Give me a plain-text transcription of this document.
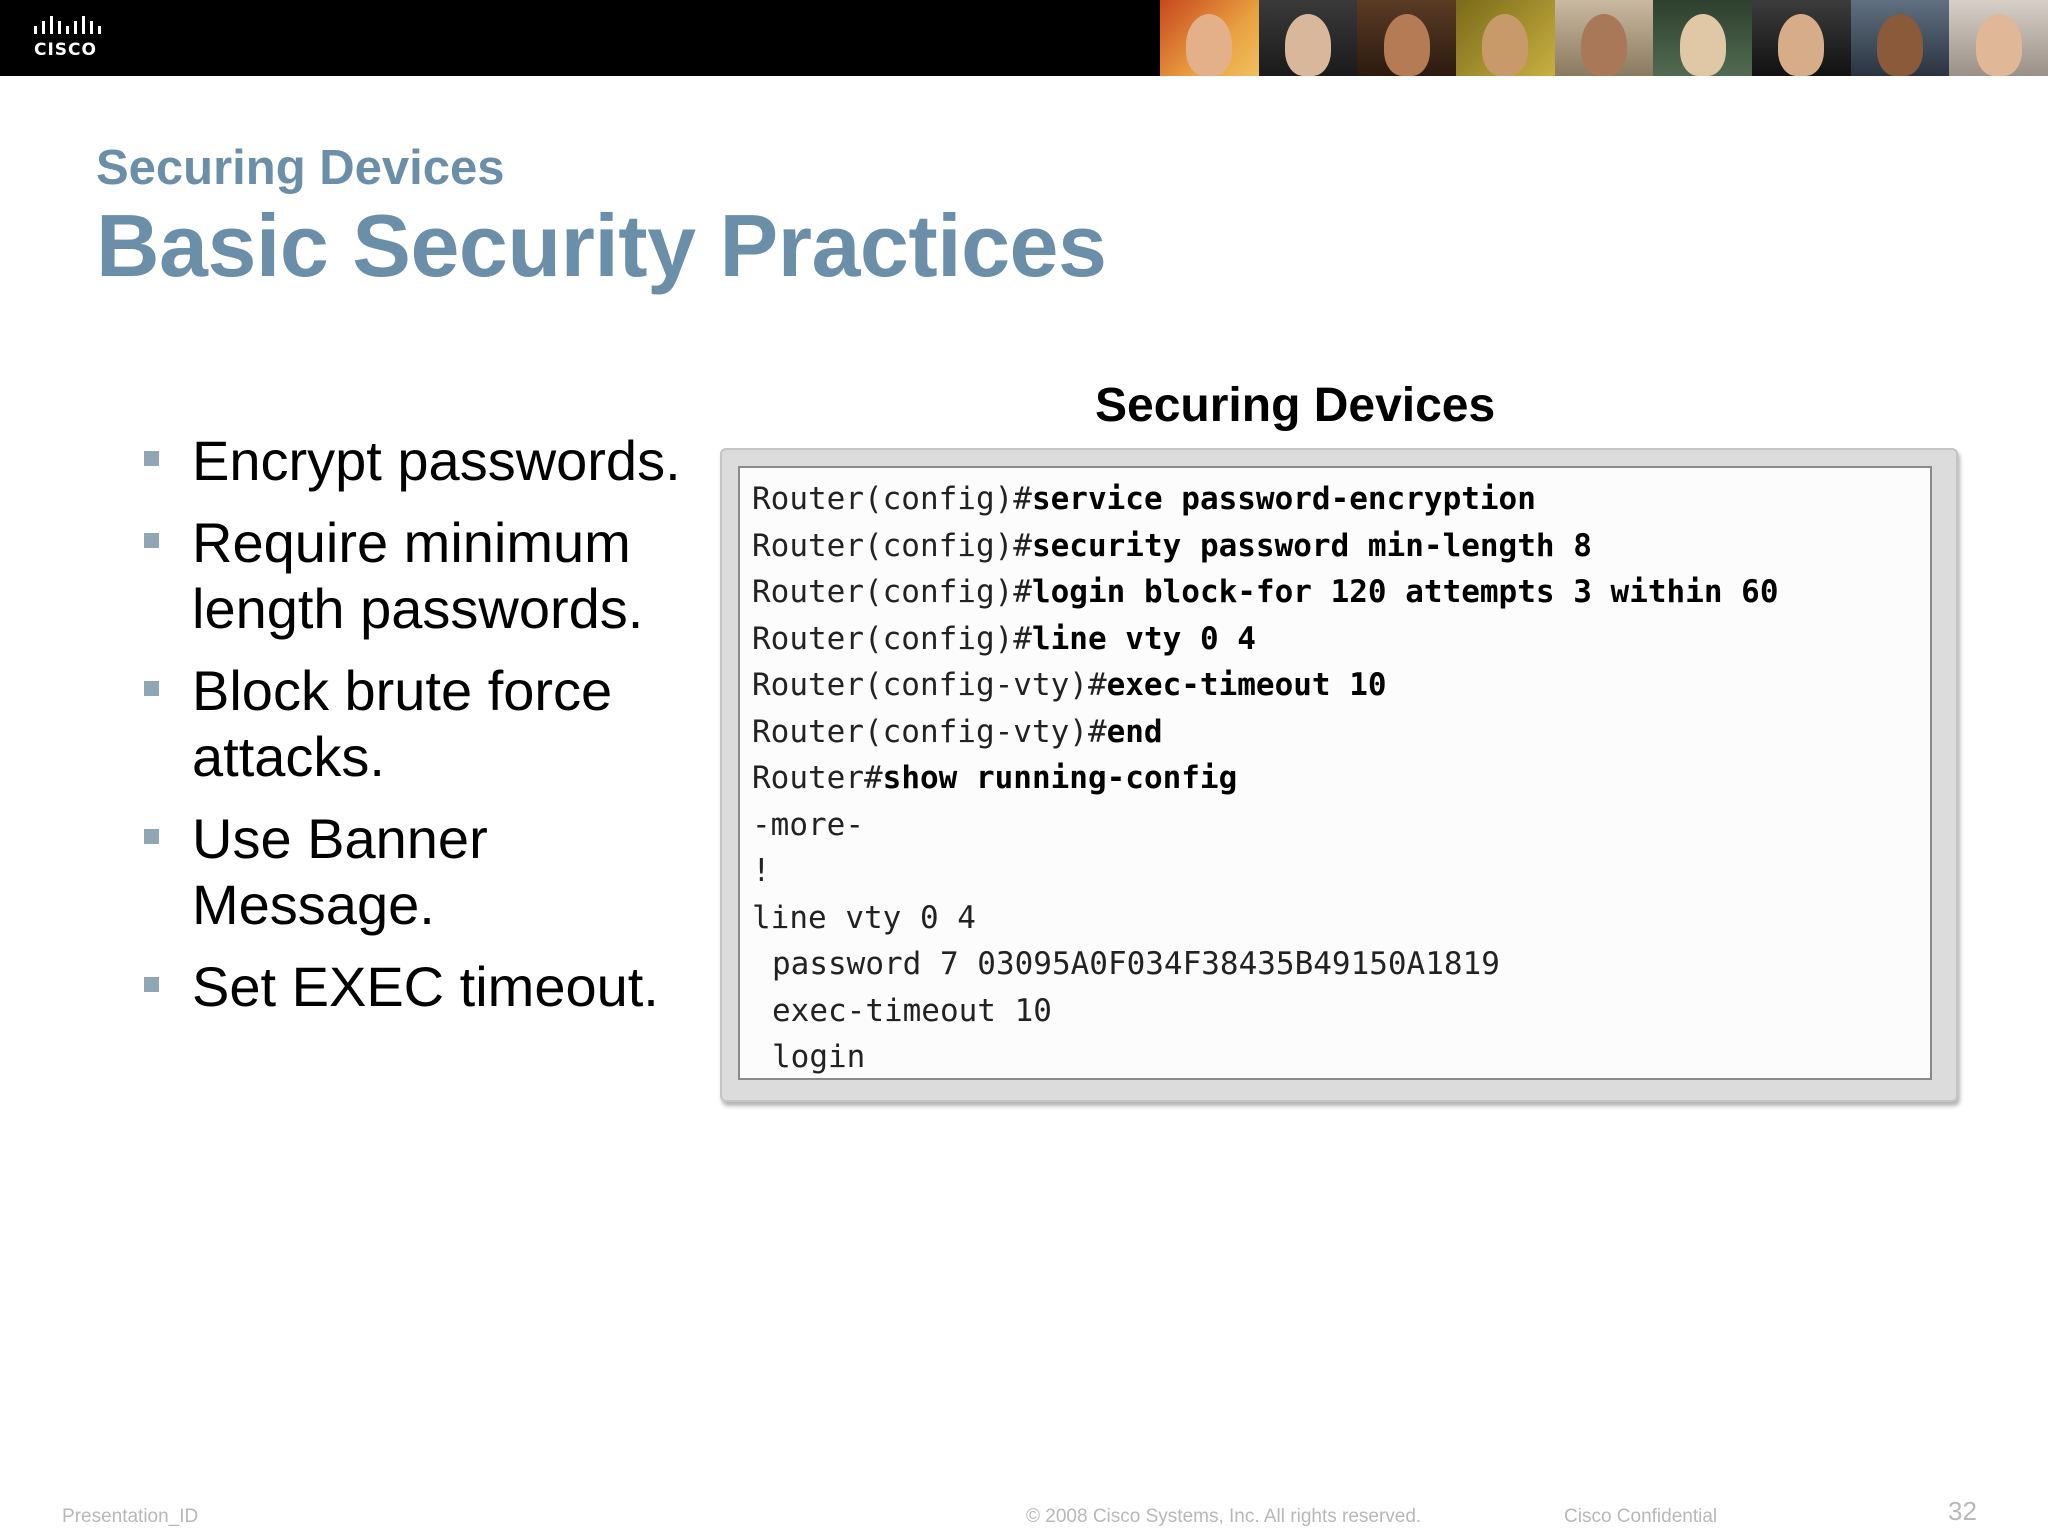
CISCO
Securing Devices
Basic Security Practices
Encrypt passwords.
Require minimum
length passwords.
Block brute force
attacks.
Use Banner
Message.
Set EXEC timeout.
Securing Devices
Router(config)#service password-encryption
Router(config)#security password min-length 8
Router(config)#login block-for 120 attempts 3 within 60
Router(config)#line vty 0 4
Router(config-vty)#exec-timeout 10
Router(config-vty)#end
Router#show running-config
-more-
!
line vty 0 4
password 7 03095A0F034F38435B49150A1819
exec-timeout 10
login
Presentation_ID	© 2008 Cisco Systems, Inc. All rights reserved.	Cisco Confidential	32
